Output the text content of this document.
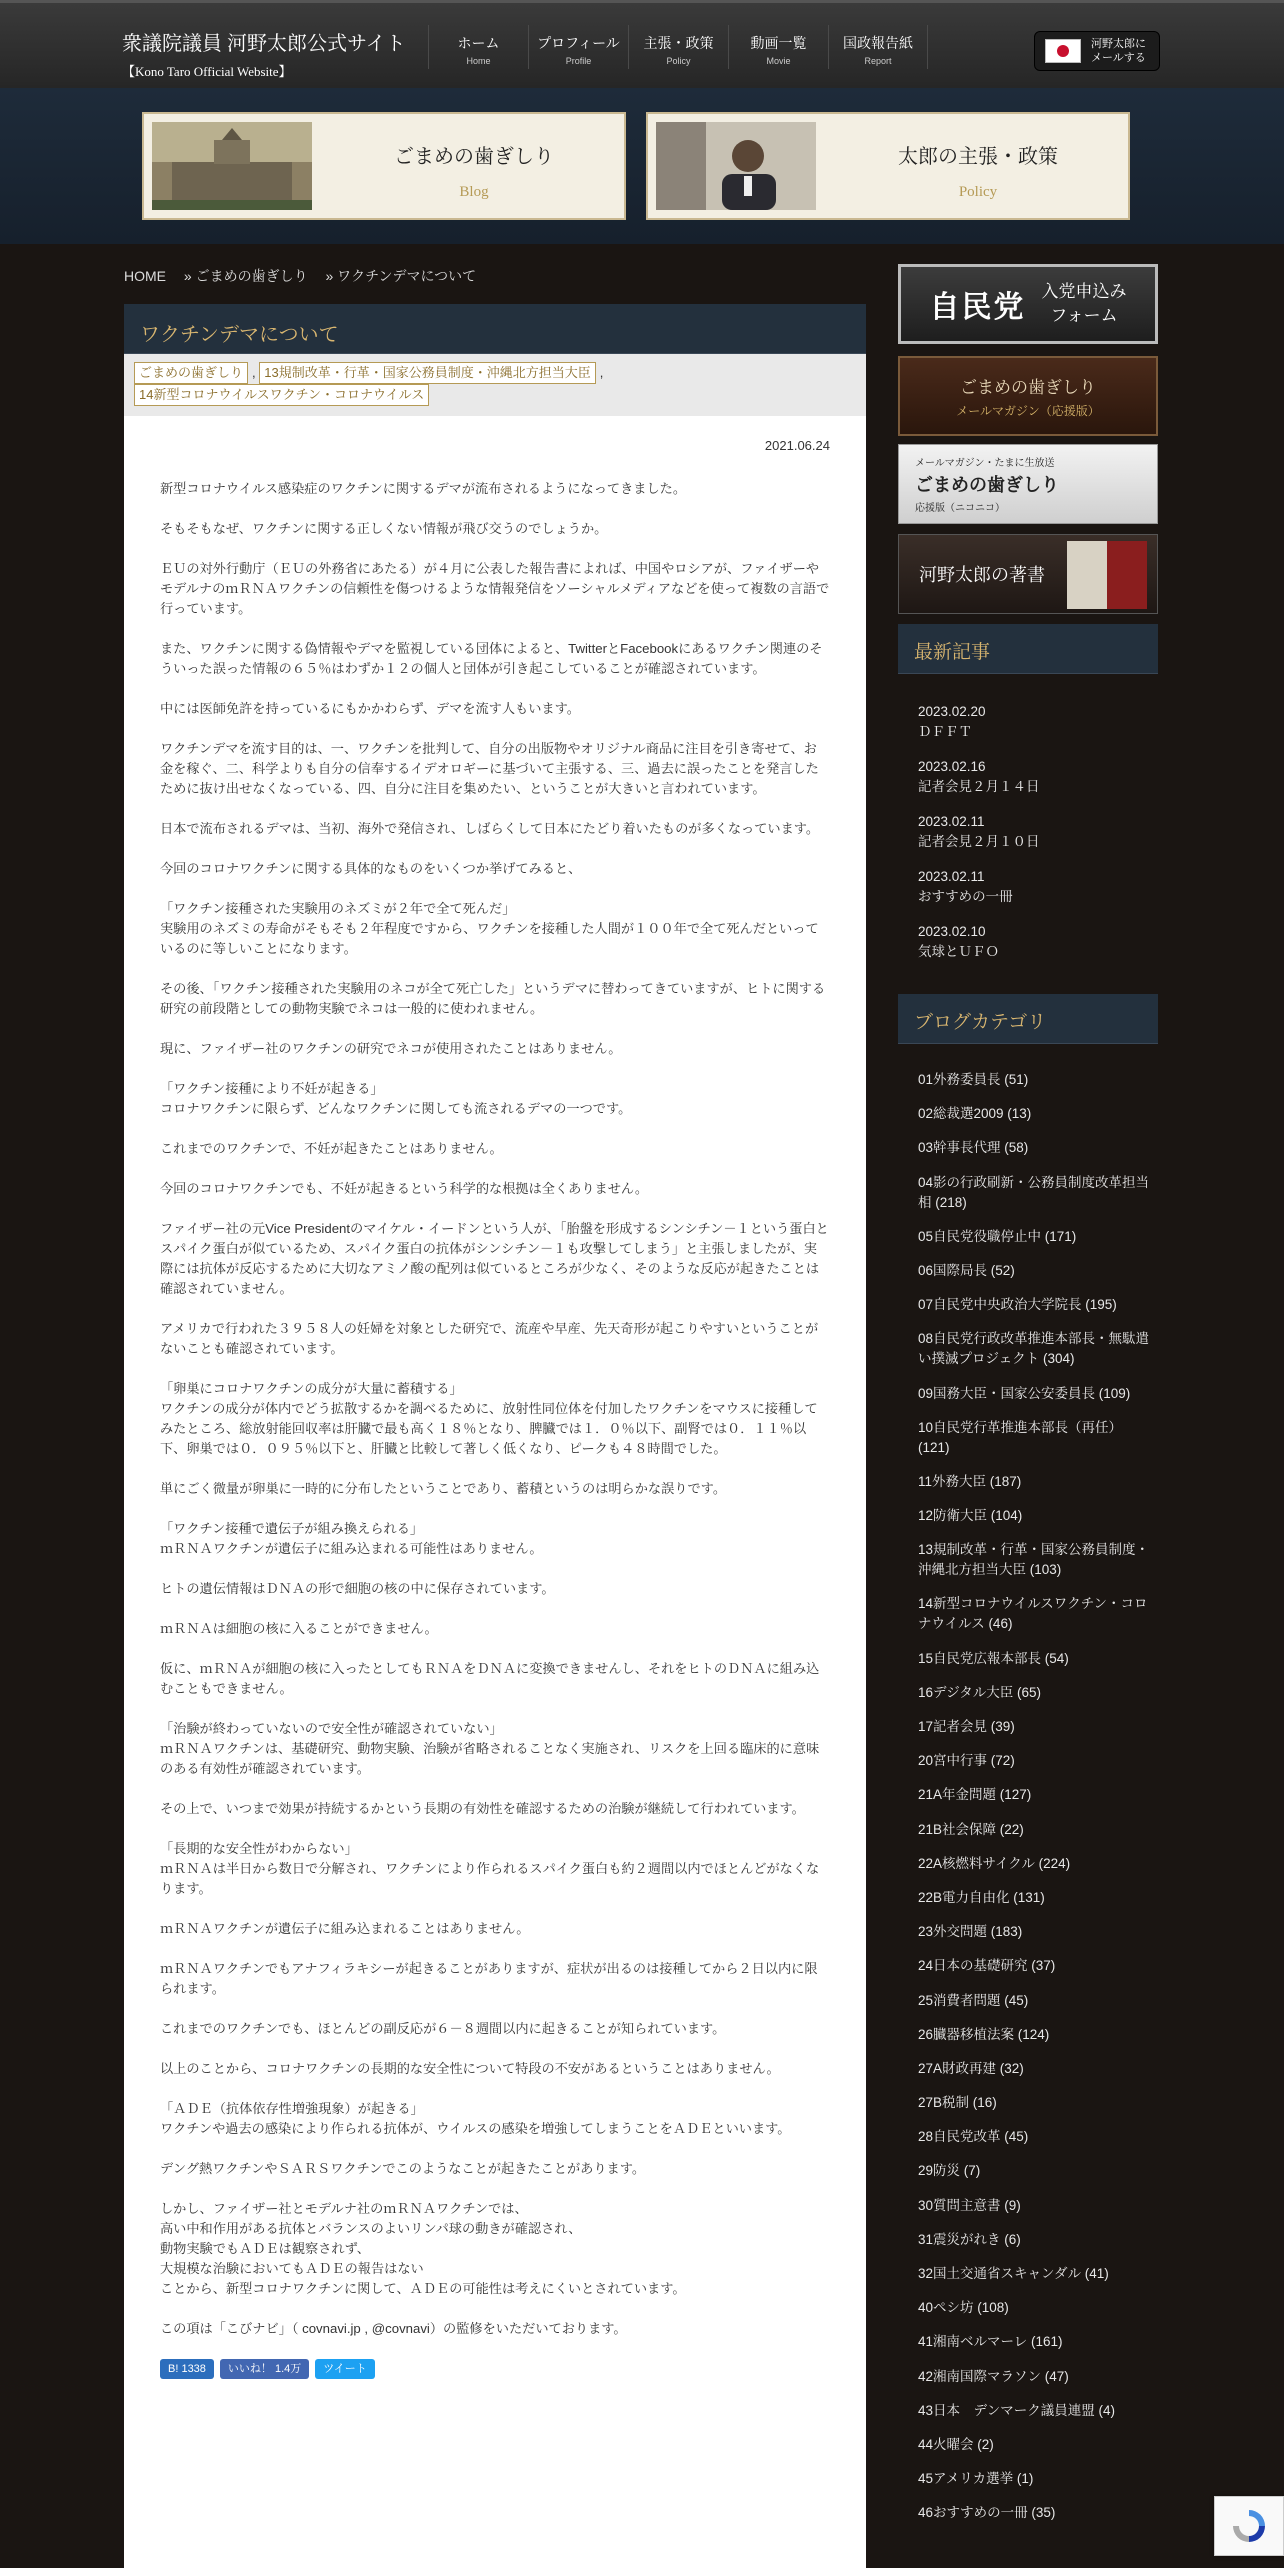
衆議院議員 河野太郎公式サイト
【Kono Taro Official Website】
ホーム
Home
プロフィール
Profile
主張・政策
Policy
動画一覧
Movie
国政報告紙
Report
河野太郎に
メールする
ごまめの歯ぎしり
Blog
太郎の主張・政策
Policy
HOME » ごまめの歯ぎしり » ワクチンデマについて
ワクチンデマについて
ごまめの歯ぎしり , 13規制改革・行革・国家公務員制度・沖縄北方担当大臣 , 14新型コロナウイルスワクチン・コロナウイルス
2021.06.24

新型コロナウイルス感染症のワクチンに関するデマが流布されるようになってきました。

そもそもなぜ、ワクチンに関する正しくない情報が飛び交うのでしょうか。

ＥＵの対外行動庁（ＥＵの外務省にあたる）が４月に公表した報告書によれば、中国やロシアが、ファイザーやモデルナのｍＲＮＡワクチンの信頼性を傷つけるような情報発信をソーシャルメディアなどを使って複数の言語で行っています。

また、ワクチンに関する偽情報やデマを監視している団体によると、TwitterとFacebookにあるワクチン関連のそういった誤った情報の６５％はわずか１２の個人と団体が引き起こしていることが確認されています。

中には医師免許を持っているにもかかわらず、デマを流す人もいます。

ワクチンデマを流す目的は、一、ワクチンを批判して、自分の出版物やオリジナル商品に注目を引き寄せて、お金を稼ぐ、二、科学よりも自分の信奉するイデオロギーに基づいて主張する、三、過去に誤ったことを発言したために抜け出せなくなっている、四、自分に注目を集めたい、ということが大きいと言われています。

日本で流布されるデマは、当初、海外で発信され、しばらくして日本にたどり着いたものが多くなっています。

今回のコロナワクチンに関する具体的なものをいくつか挙げてみると、

「ワクチン接種された実験用のネズミが２年で全て死んだ」
実験用のネズミの寿命がそもそも２年程度ですから、ワクチンを接種した人間が１００年で全て死んだといっているのに等しいことになります。

その後、「ワクチン接種された実験用のネコが全て死亡した」というデマに替わってきていますが、ヒトに関する研究の前段階としての動物実験でネコは一般的に使われません。

現に、ファイザー社のワクチンの研究でネコが使用されたことはありません。

「ワクチン接種により不妊が起きる」
コロナワクチンに限らず、どんなワクチンに関しても流されるデマの一つです。

これまでのワクチンで、不妊が起きたことはありません。

今回のコロナワクチンでも、不妊が起きるという科学的な根拠は全くありません。

ファイザー社の元Vice Presidentのマイケル・イードンという人が、「胎盤を形成するシンシチン－１という蛋白とスパイク蛋白が似ているため、スパイク蛋白の抗体がシンシチン－１も攻撃してしまう」と主張しましたが、実際には抗体が反応するために大切なアミノ酸の配列は似ているところが少なく、そのような反応が起きたことは確認されていません。

アメリカで行われた３９５８人の妊婦を対象とした研究で、流産や早産、先天奇形が起こりやすいということがないことも確認されています。

「卵巣にコロナワクチンの成分が大量に蓄積する」
ワクチンの成分が体内でどう拡散するかを調べるために、放射性同位体を付加したワクチンをマウスに接種してみたところ、総放射能回収率は肝臓で最も高く１８％となり、脾臓では１．０％以下、副腎では０．１１％以下、卵巣では０．０９５％以下と、肝臓と比較して著しく低くなり、ピークも４８時間でした。

単にごく微量が卵巣に一時的に分布したということであり、蓄積というのは明らかな誤りです。

「ワクチン接種で遺伝子が組み換えられる」
ｍＲＮＡワクチンが遺伝子に組み込まれる可能性はありません。

ヒトの遺伝情報はＤＮＡの形で細胞の核の中に保存されています。

ｍＲＮＡは細胞の核に入ることができません。

仮に、ｍＲＮＡが細胞の核に入ったとしてもＲＮＡをＤＮＡに変換できませんし、それをヒトのＤＮＡに組み込むこともできません。

「治験が終わっていないので安全性が確認されていない」
ｍＲＮＡワクチンは、基礎研究、動物実験、治験が省略されることなく実施され、リスクを上回る臨床的に意味のある有効性が確認されています。

その上で、いつまで効果が持続するかという長期の有効性を確認するための治験が継続して行われています。

「長期的な安全性がわからない」
ｍＲＮＡは半日から数日で分解され、ワクチンにより作られるスパイク蛋白も約２週間以内でほとんどがなくなります。

ｍＲＮＡワクチンが遺伝子に組み込まれることはありません。

ｍＲＮＡワクチンでもアナフィラキシーが起きることがありますが、症状が出るのは接種してから２日以内に限られます。

これまでのワクチンでも、ほとんどの副反応が６－８週間以内に起きることが知られています。

以上のことから、コロナワクチンの長期的な安全性について特段の不安があるということはありません。

「ＡＤＥ（抗体依存性増強現象）が起きる」
ワクチンや過去の感染により作られる抗体が、ウイルスの感染を増強してしまうことをＡＤＥといいます。

デング熱ワクチンやＳＡＲＳワクチンでこのようなことが起きたことがあります。

しかし、ファイザー社とモデルナ社のｍＲＮＡワクチンでは、
高い中和作用がある抗体とバランスのよいリンパ球の動きが確認され、
動物実験でもＡＤＥは観察されず、
大規模な治験においてもＡＤＥの報告はない
ことから、新型コロナワクチンに関して、ＡＤＥの可能性は考えにくいとされています。

この項は「こびナビ」（ covnavi.jp , @covnavi）の監修をいただいております。

B! 1338	いいね！ 1.4万	ツイート
自民党 入党申込み
フォーム
ごまめの歯ぎしり
メールマガジン（応援版）
メールマガジン・たまに生放送
ごまめの歯ぎしり
応援版（ニコニコ）
河野太郎の著書
最新記事
2023.02.20
ＤＦＦＴ
2023.02.16
記者会見２月１４日
2023.02.11
記者会見２月１０日
2023.02.11
おすすめの一冊
2023.02.10
気球とＵＦＯ
ブログカテゴリ
01外務委員長 (51)
02総裁選2009 (13)
03幹事長代理 (58)
04影の行政刷新・公務員制度改革担当相 (218)
05自民党役職停止中 (171)
06国際局長 (52)
07自民党中央政治大学院長 (195)
08自民党行政改革推進本部長・無駄遣い撲滅プロジェクト (304)
09国務大臣・国家公安委員長 (109)
10自民党行革推進本部長（再任） (121)
11外務大臣 (187)
12防衛大臣 (104)
13規制改革・行革・国家公務員制度・沖縄北方担当大臣 (103)
14新型コロナウイルスワクチン・コロナウイルス (46)
15自民党広報本部長 (54)
16デジタル大臣 (65)
17記者会見 (39)
20宮中行事 (72)
21A年金問題 (127)
21B社会保障 (22)
22A核燃料サイクル (224)
22B電力自由化 (131)
23外交問題 (183)
24日本の基礎研究 (37)
25消費者問題 (45)
26臓器移植法案 (124)
27A財政再建 (32)
27B税制 (16)
28自民党改革 (45)
29防災 (7)
30質問主意書 (9)
31震災がれき (6)
32国土交通省スキャンダル (41)
40ペシ坊 (108)
41湘南ベルマーレ (161)
42湘南国際マラソン (47)
43日本　デンマーク議員連盟 (4)
44火曜会 (2)
45アメリカ選挙 (1)
46おすすめの一冊 (35)
